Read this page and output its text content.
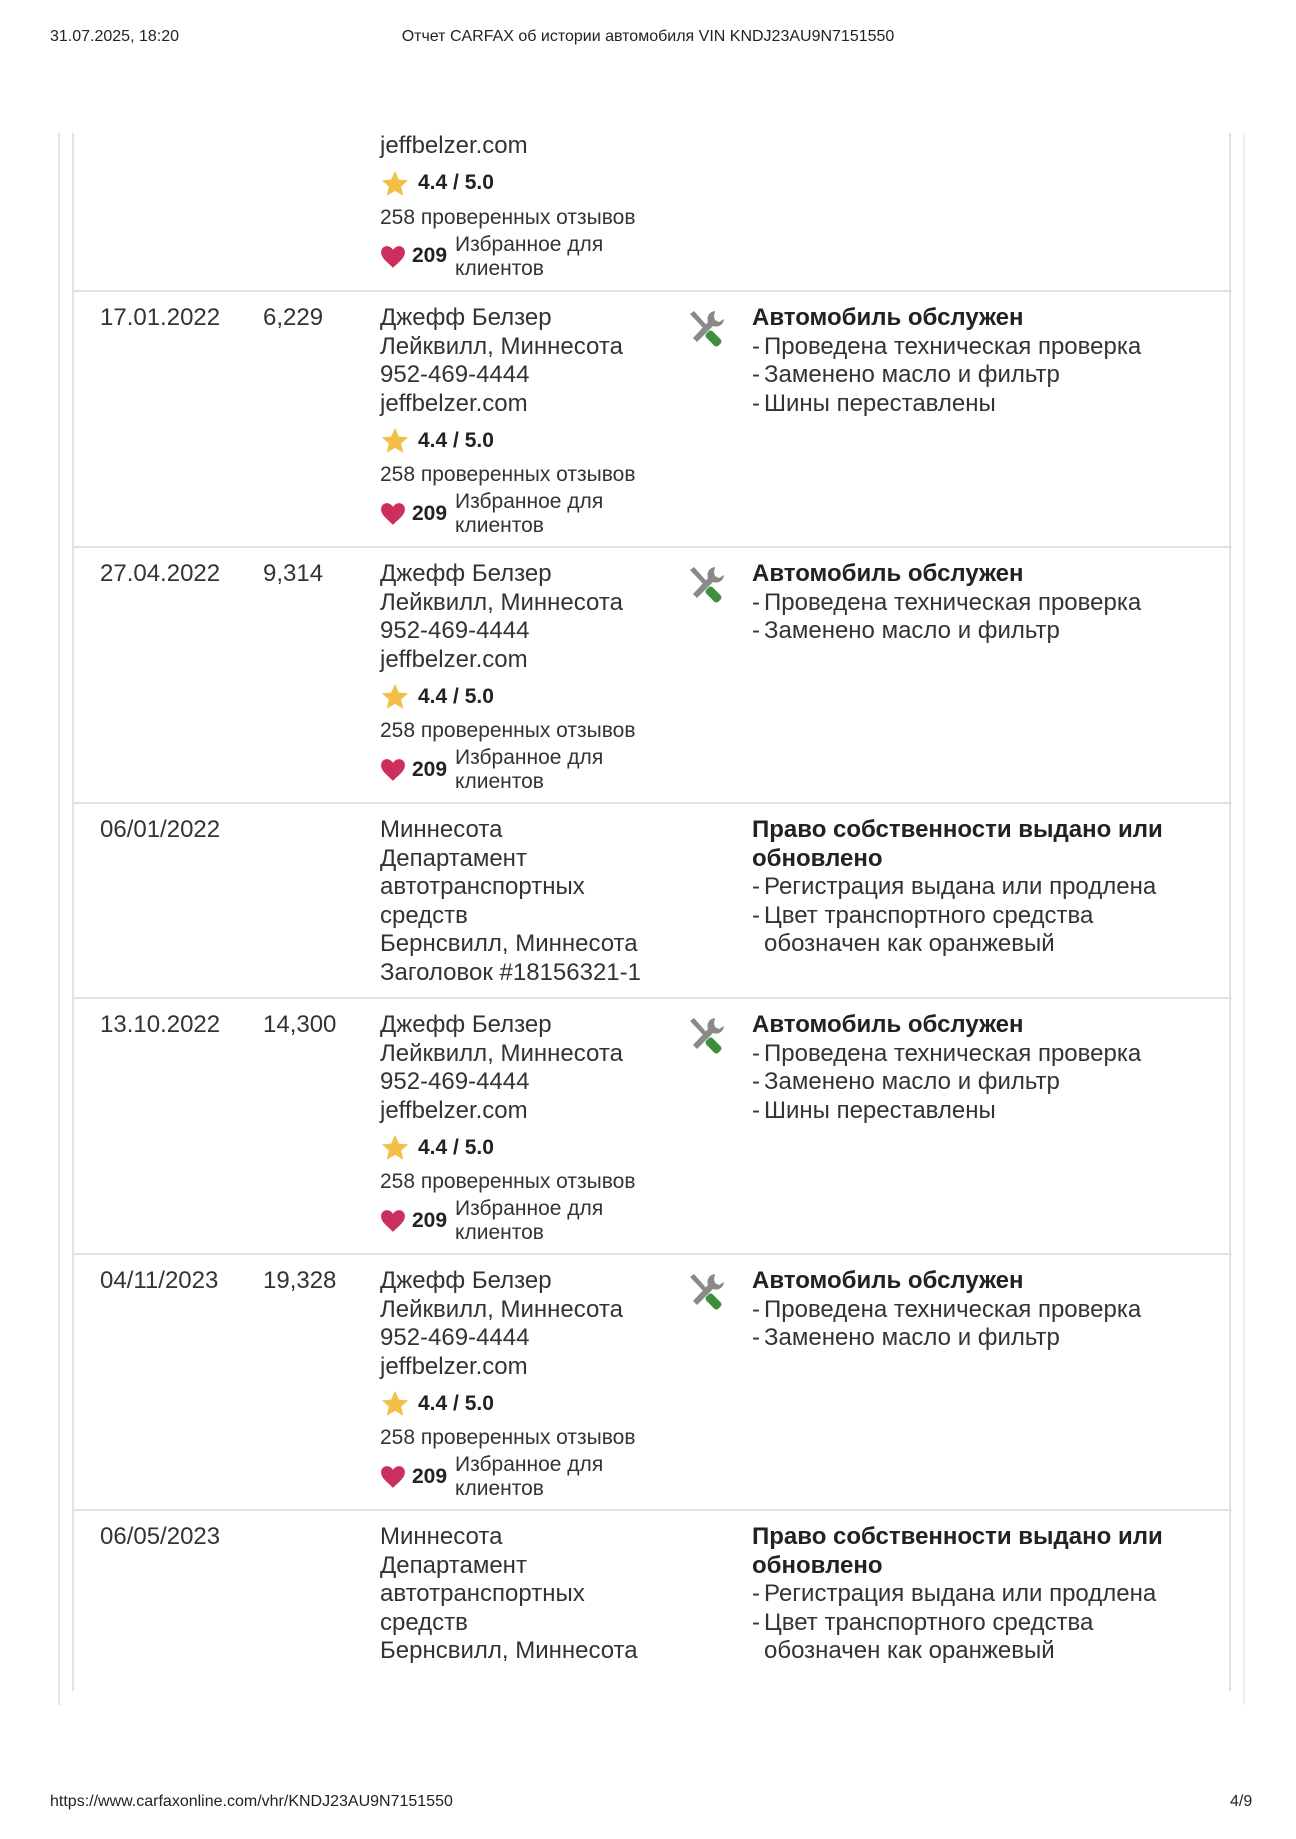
31.07.2025, 18:20	Отчет CARFAX об истории автомобиля VIN KNDJ23AU9N7151550
jeffbelzer.com
4.4 / 5.0
258 проверенных отзывов
209
Избранное для клиентов
17.01.2022 6,229 Джефф Белзер
Лейквилл, Миннесота
952-469-4444
jeffbelzer.com
4.4 / 5.0
258 проверенных отзывов
209
Избранное для клиентов
Автомобиль обслужен
- Проведена техническая проверка
- Заменено масло и фильтр
- Шины переставлены
27.04.2022 9,314 Джефф Белзер
Лейквилл, Миннесота
952-469-4444
jeffbelzer.com
4.4 / 5.0
258 проверенных отзывов
209
Избранное для клиентов
Автомобиль обслужен
- Проведена техническая проверка
- Заменено масло и фильтр
06/01/2022	Миннесота
Департамент
автотранспортных
средств
Бернсвилл, Миннесота
Заголовок #18156321-1
Право собственности выдано или обновлено
- Регистрация выдана или продлена
- Цвет транспортного средства обозначен как оранжевый
13.10.2022 14,300 Джефф Белзер
Лейквилл, Миннесота
952-469-4444
jeffbelzer.com
4.4 / 5.0
258 проверенных отзывов
209
Избранное для клиентов
Автомобиль обслужен
- Проведена техническая проверка
- Заменено масло и фильтр
- Шины переставлены
04/11/2023 19,328 Джефф Белзер
Лейквилл, Миннесота
952-469-4444
jeffbelzer.com
4.4 / 5.0
258 проверенных отзывов
209
Избранное для клиентов
Автомобиль обслужен
- Проведена техническая проверка
- Заменено масло и фильтр
06/05/2023	Миннесота
Департамент
автотранспортных
средств
Бернсвилл, Миннесота
Право собственности выдано или обновлено
- Регистрация выдана или продлена
- Цвет транспортного средства обозначен как оранжевый
https://www.carfaxonline.com/vhr/KNDJ23AU9N7151550	4/9
